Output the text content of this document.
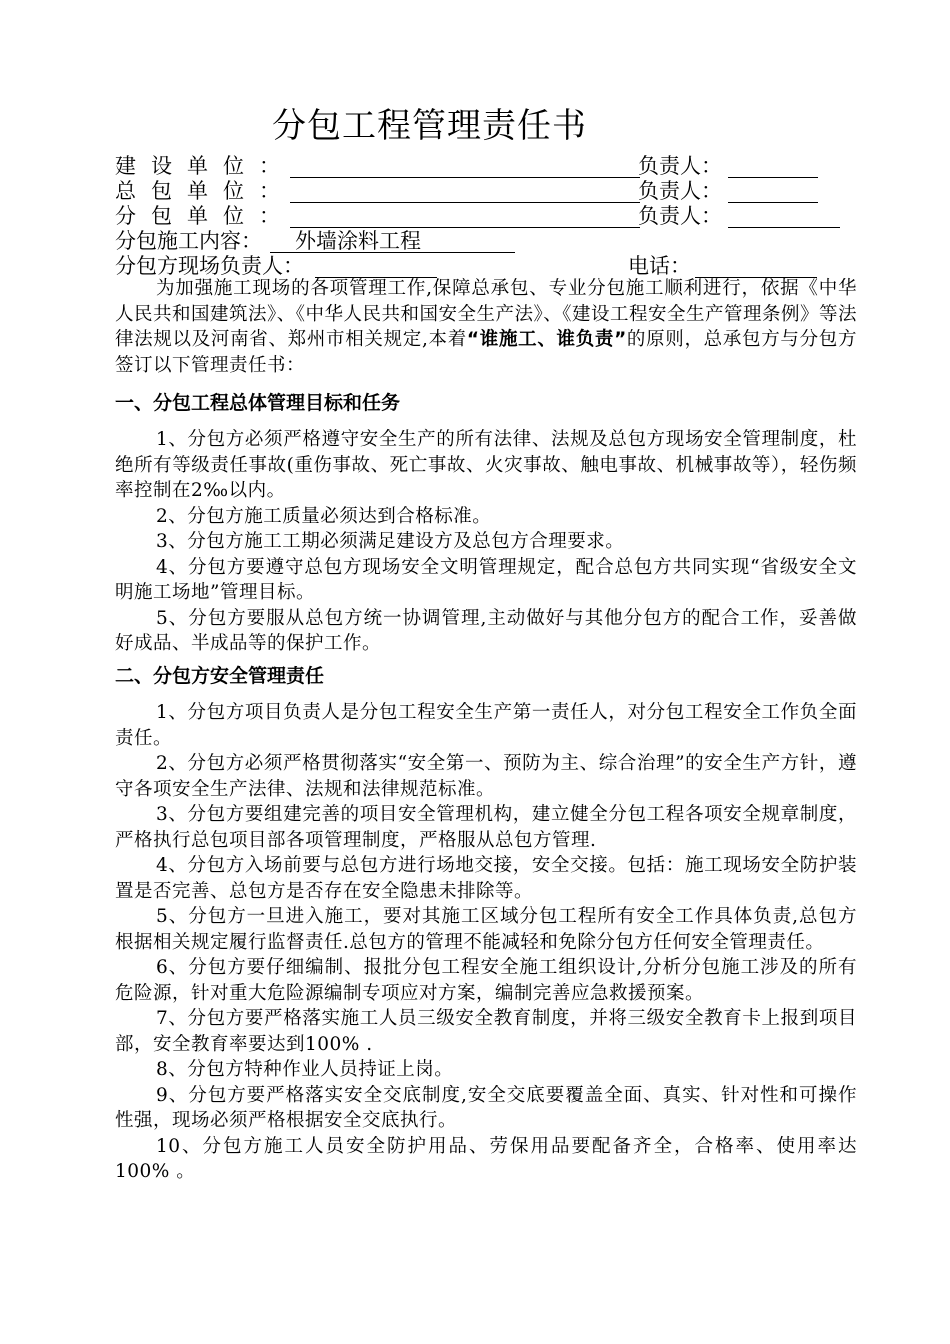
分包工程管理责任书
建设单位：	负责人：
总包单位：	负责人：
分包单位：	负责人：
分包施工内容： 外墙涂料工程
分包方现场负责人：	电话：
为加强施工现场的各项管理工作,保障总承包、专业分包施工顺利进行，依据《中华人民共和国建筑法》、《中华人民共和国安全生产法》、《建设工程安全生产管理条例》等法律法规以及河南省、郑州市相关规定,本着“谁施工、谁负责”的原则，总承包方与分包方签订以下管理责任书：
一、分包工程总体管理目标和任务

1、分包方必须严格遵守安全生产的所有法律、法规及总包方现场安全管理制度，杜绝所有等级责任事故(重伤事故、死亡事故、火灾事故、触电事故、机械事故等），轻伤频率控制在2‰以内。

2、分包方施工质量必须达到合格标准。

3、分包方施工工期必须满足建设方及总包方合理要求。

4、分包方要遵守总包方现场安全文明管理规定，配合总包方共同实现“省级安全文明施工场地”管理目标。

5、分包方要服从总包方统一协调管理,主动做好与其他分包方的配合工作，妥善做好成品、半成品等的保护工作。

二、分包方安全管理责任

1、分包方项目负责人是分包工程安全生产第一责任人，对分包工程安全工作负全面责任。

2、分包方必须严格贯彻落实“安全第一、预防为主、综合治理”的安全生产方针，遵守各项安全生产法律、法规和法律规范标准。

3、分包方要组建完善的项目安全管理机构，建立健全分包工程各项安全规章制度，严格执行总包项目部各项管理制度，严格服从总包方管理.

4、分包方入场前要与总包方进行场地交接，安全交接。包括：施工现场安全防护装置是否完善、总包方是否存在安全隐患未排除等。

5、分包方一旦进入施工，要对其施工区域分包工程所有安全工作具体负责,总包方根据相关规定履行监督责任.总包方的管理不能减轻和免除分包方任何安全管理责任。

6、分包方要仔细编制、报批分包工程安全施工组织设计,分析分包施工涉及的所有危险源，针对重大危险源编制专项应对方案，编制完善应急救援预案。

7、分包方要严格落实施工人员三级安全教育制度，并将三级安全教育卡上报到项目部，安全教育率要达到100% .

8、分包方特种作业人员持证上岗。

9、分包方要严格落实安全交底制度,安全交底要覆盖全面、真实、针对性和可操作性强，现场必须严格根据安全交底执行。

10、分包方施工人员安全防护用品、劳保用品要配备齐全，合格率、使用率达100% 。
